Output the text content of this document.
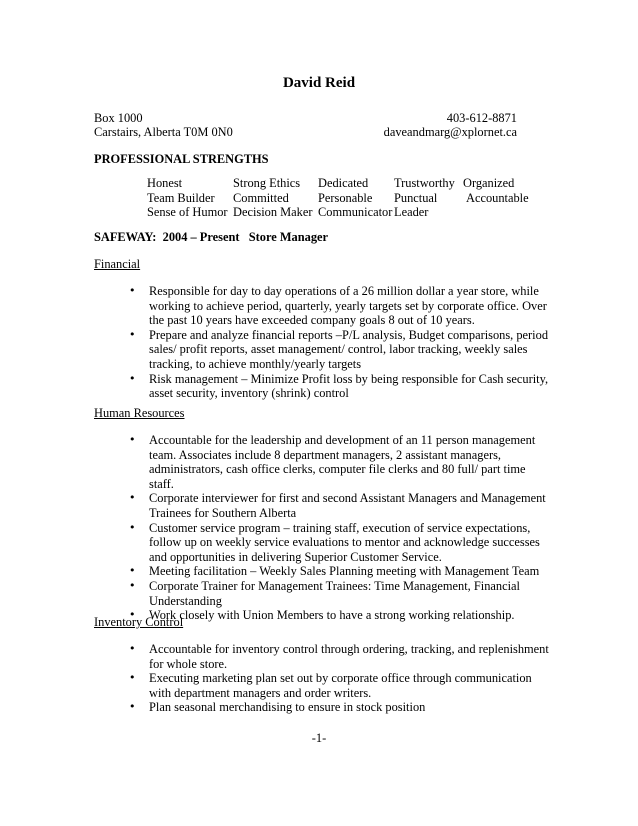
David Reid
Box 1000
Carstairs, Alberta T0M 0N0
403-612-8871
daveandmarg@xplornet.ca
PROFESSIONAL STRENGTHS
Honest	Strong Ethics	Dedicated	Trustworthy	Organized
Team Builder	Committed	Personable	Punctual	Accountable
Sense of Humor	Decision Maker	Communicator	Leader	
SAFEWAY:  2004 – Present   Store Manager
Financial
• Responsible for day to day operations of a 26 million dollar a year store, while working to achieve period, quarterly, yearly targets set by corporate office. Over the past 10 years have exceeded company goals 8 out of 10 years.
• Prepare and analyze financial reports –P/L analysis, Budget comparisons, period sales/ profit reports, asset management/ control, labor tracking, weekly sales tracking, to achieve monthly/yearly targets
• Risk management – Minimize Profit loss by being responsible for Cash security, asset security, inventory (shrink) control
Human Resources
• Accountable for the leadership and development of an 11 person management team. Associates include 8 department managers, 2 assistant managers, administrators, cash office clerks, computer file clerks and 80 full/ part time staff.
• Corporate interviewer for first and second Assistant Managers and Management Trainees for Southern Alberta
• Customer service program – training staff, execution of service expectations, follow up on weekly service evaluations to mentor and acknowledge successes and opportunities in delivering Superior Customer Service.
• Meeting facilitation – Weekly Sales Planning meeting with Management Team
• Corporate Trainer for Management Trainees: Time Management, Financial Understanding
• Work closely with Union Members to have a strong working relationship.
Inventory Control
• Accountable for inventory control through ordering, tracking, and replenishment for whole store.
• Executing marketing plan set out by corporate office through communication with department managers and order writers.
• Plan seasonal merchandising to ensure in stock position
-1-
